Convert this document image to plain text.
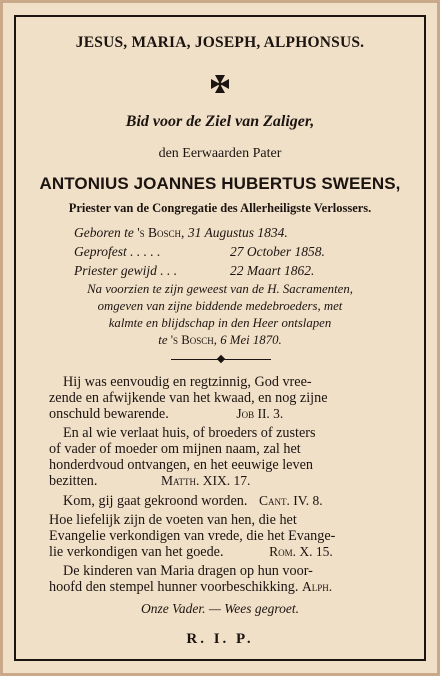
JESUS, MARIA, JOSEPH, ALPHONSUS.
Bid voor de Ziel van Zaliger,
den Eerwaarden Pater
ANTONIUS JOANNES HUBERTUS SWEENS,
Priester van de Congregatie des Allerheiligste Verlossers.
Geboren te 's Bosch, 31 Augustus 1834.
Geprofest . . . . .	27 October 1858.
Priester gewijd . . .	22 Maart 1862.
Na voorzien te zijn geweest van de H. Sacramenten,
omgeven van zijne biddende medebroeders, met
kalmte en blijdschap in den Heer ontslapen
te 's Bosch, 6 Mei 1870.
Hij was eenvoudig en regtzinnig, God vree-
zende en afwijkende van het kwaad, en nog zijne
onschuld bewarende.	Job II. 3.
En al wie verlaat huis, of broeders of zusters
of vader of moeder om mijnen naam, zal het
honderdvoud ontvangen, en het eeuwige leven
bezitten.	Matth. XIX. 17.
Kom, gij gaat gekroond worden. Cant. IV. 8.
Hoe liefelijk zijn de voeten van hen, die het
Evangelie verkondigen van vrede, die het Evange-
lie verkondigen van het goede.	Rom. X. 15.
De kinderen van Maria dragen op hun voor-
hoofd den stempel hunner voorbeschikking. Alph.
Onze Vader. — Wees gegroet.
R. I. P.
